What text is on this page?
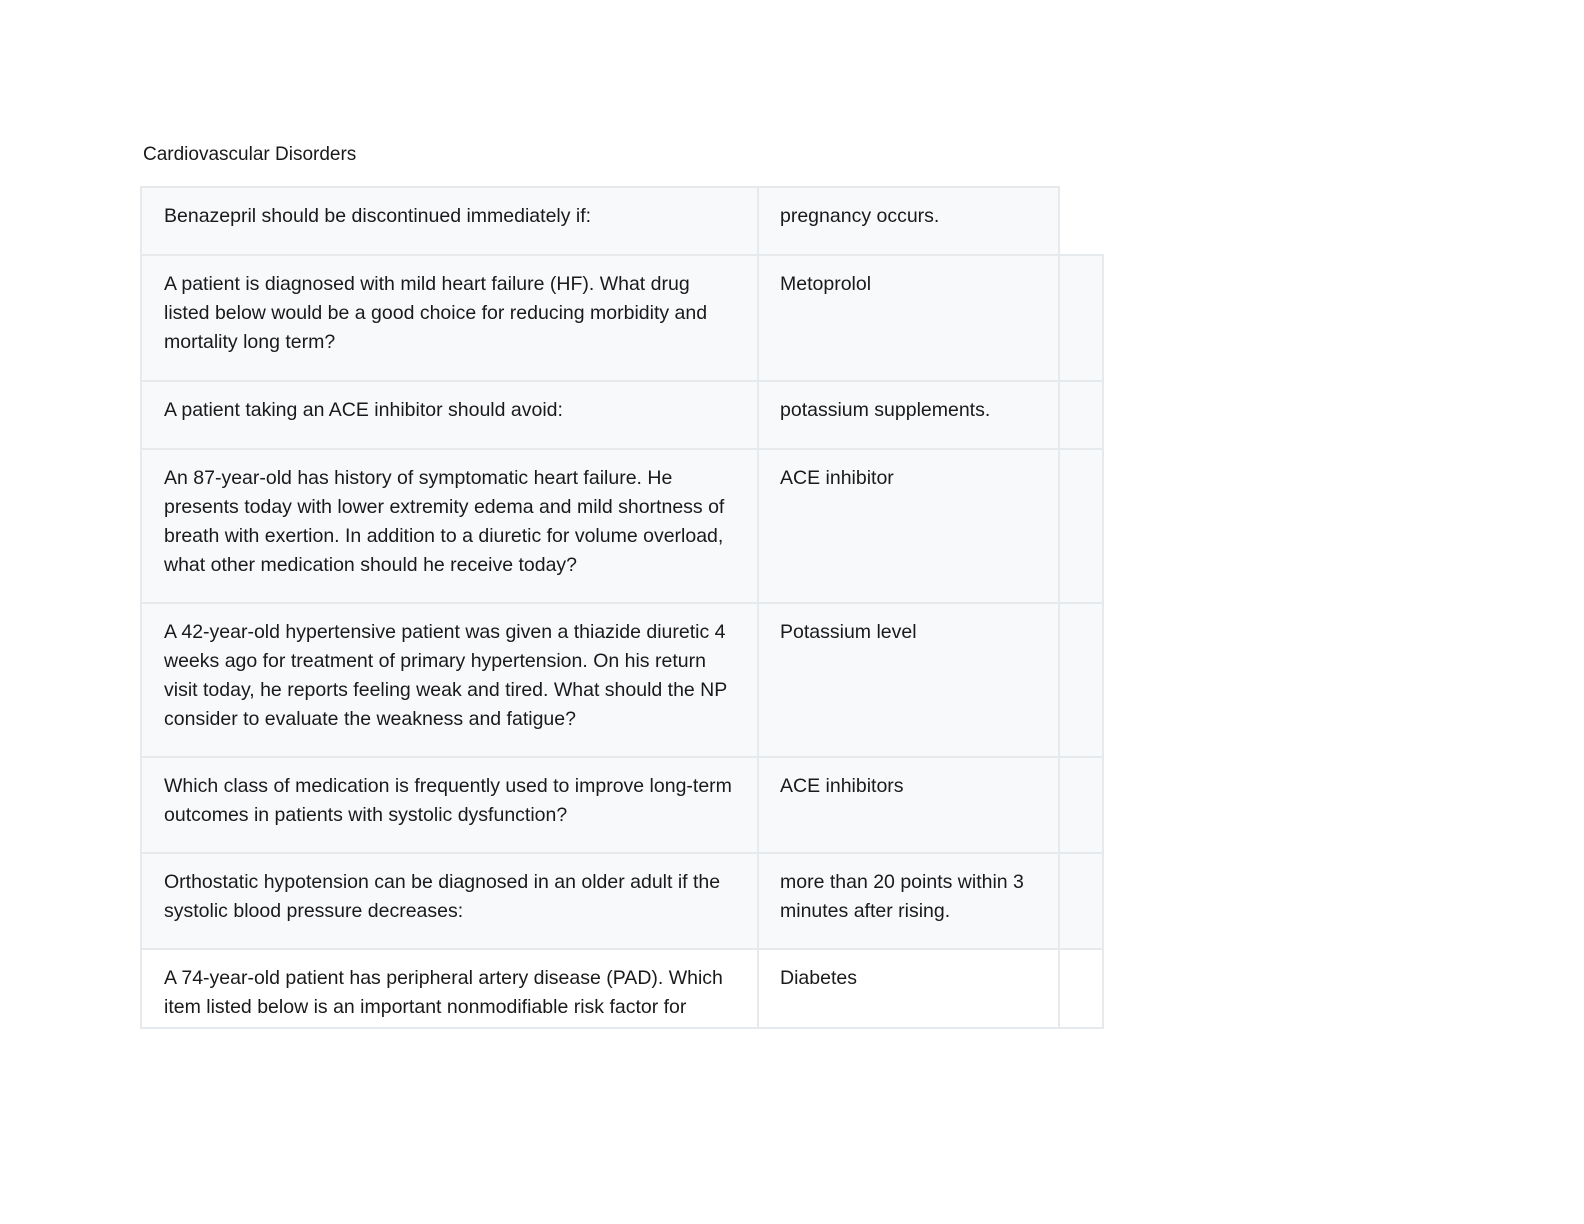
Cardiovascular Disorders
Benazepril should be discontinued immediately if:	pregnancy occurs.
A patient is diagnosed with mild heart failure (HF). What drug listed below would be a good choice for reducing morbidity and mortality long term?
Metoprolol
A patient taking an ACE inhibitor should avoid:	potassium supplements.
An 87-year-old has history of symptomatic heart failure. He presents today with lower extremity edema and mild shortness of breath with exertion. In addition to a diuretic for volume overload, what other medication should he receive today?
ACE inhibitor
A 42-year-old hypertensive patient was given a thiazide diuretic 4 weeks ago for treatment of primary hypertension. On his return visit today, he reports feeling weak and tired. What should the NP consider to evaluate the weakness and fatigue?
Potassium level
Which class of medication is frequently used to improve long-term outcomes in patients with systolic dysfunction?
ACE inhibitors
Orthostatic hypotension can be diagnosed in an older adult if the systolic blood pressure decreases:
more than 20 points within 3 minutes after rising.
A 74-year-old patient has peripheral artery disease (PAD). Which item listed below is an important nonmodifiable risk factor for
Diabetes
